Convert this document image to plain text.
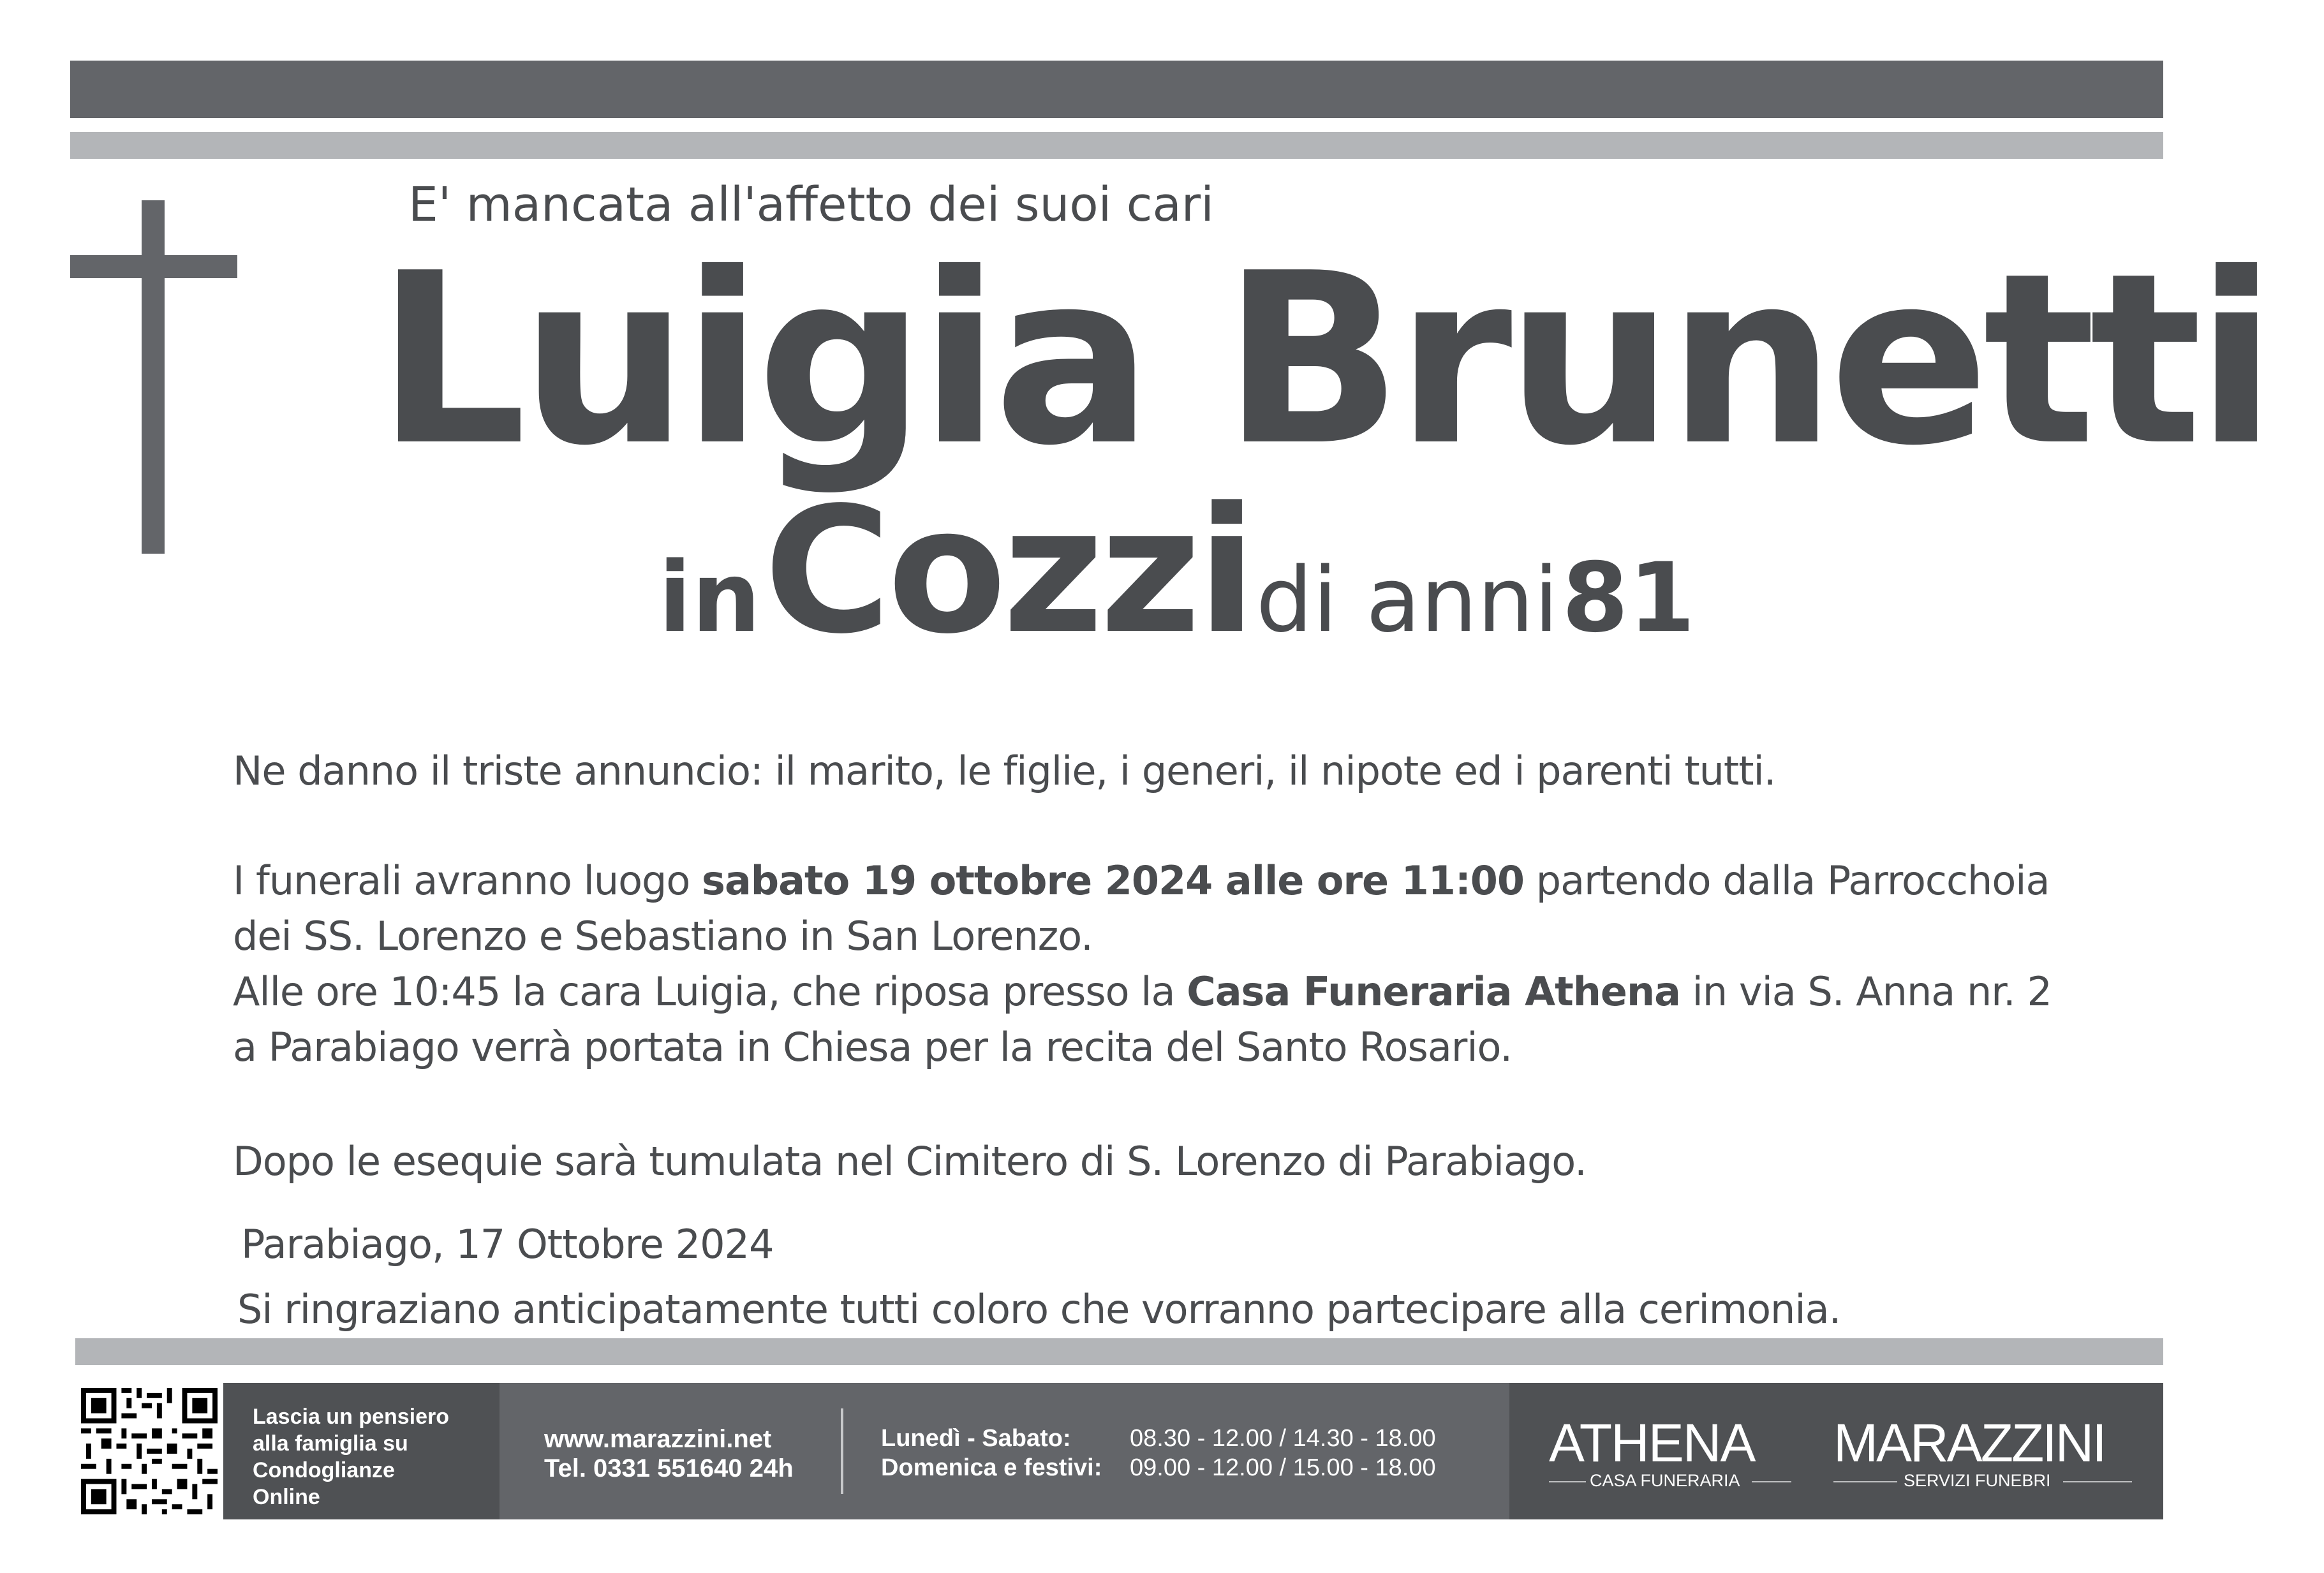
E' mancata all'affetto dei suoi cari
Luigia Brunetti
in Cozzi di anni 81
Ne danno il triste annuncio: il marito, le figlie, i generi, il nipote ed i parenti tutti.
I funerali avranno luogo sabato 19 ottobre 2024 alle ore 11:00 partendo dalla Parrocchoia
dei SS. Lorenzo e Sebastiano in San Lorenzo.
Alle ore 10:45 la cara Luigia, che riposa presso la Casa Funeraria Athena in via S. Anna nr. 2
a Parabiago verrà portata in Chiesa per la recita del Santo Rosario.
Dopo le esequie sarà tumulata nel Cimitero di S. Lorenzo di Parabiago.
Parabiago, 17 Ottobre 2024
Si ringraziano anticipatamente tutti coloro che vorranno partecipare alla cerimonia.
Lascia un pensiero
alla famiglia su
Condoglianze
Online
www.marazzini.net
Tel. 0331 551640 24h
Lunedì - Sabato:
Domenica e festivi:
08.30 - 12.00 / 14.30 - 18.00
09.00 - 12.00 / 15.00 - 18.00 ATHENA
CASA FUNERARIA
MARAZZINI
SERVIZI FUNEBRI
